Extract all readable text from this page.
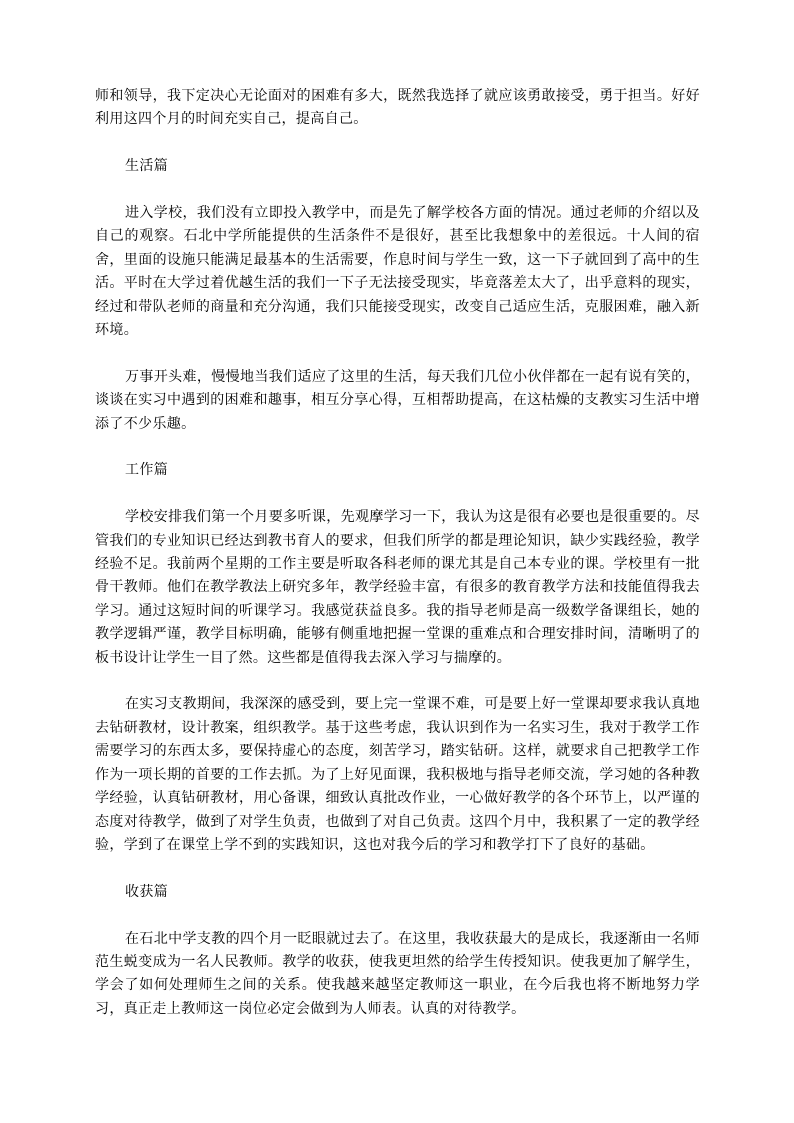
师和领导，我下定决心无论面对的困难有多大，既然我选择了就应该勇敢接受，勇于担当。好好利用这四个月的时间充实自己，提高自己。

生活篇

进入学校，我们没有立即投入教学中，而是先了解学校各方面的情况。通过老师的介绍以及自己的观察。石北中学所能提供的生活条件不是很好，甚至比我想象中的差很远。十人间的宿舍，里面的设施只能满足最基本的生活需要，作息时间与学生一致，这一下子就回到了高中的生活。平时在大学过着优越生活的我们一下子无法接受现实，毕竟落差太大了，出乎意料的现实，经过和带队老师的商量和充分沟通，我们只能接受现实，改变自己适应生活，克服困难，融入新环境。

万事开头难，慢慢地当我们适应了这里的生活，每天我们几位小伙伴都在一起有说有笑的，谈谈在实习中遇到的困难和趣事，相互分享心得，互相帮助提高，在这枯燥的支教实习生活中增添了不少乐趣。

工作篇

学校安排我们第一个月要多听课，先观摩学习一下，我认为这是很有必要也是很重要的。尽管我们的专业知识已经达到教书育人的要求，但我们所学的都是理论知识，缺少实践经验，教学经验不足。我前两个星期的工作主要是听取各科老师的课尤其是自己本专业的课。学校里有一批骨干教师。他们在教学教法上研究多年，教学经验丰富，有很多的教育教学方法和技能值得我去学习。通过这短时间的听课学习。我感觉获益良多。我的指导老师是高一级数学备课组长，她的教学逻辑严谨，教学目标明确，能够有侧重地把握一堂课的重难点和合理安排时间，清晰明了的板书设计让学生一目了然。这些都是值得我去深入学习与揣摩的。

在实习支教期间，我深深的感受到，要上完一堂课不难，可是要上好一堂课却要求我认真地去钻研教材，设计教案，组织教学。基于这些考虑，我认识到作为一名实习生，我对于教学工作需要学习的东西太多，要保持虚心的态度，刻苦学习，踏实钻研。这样，就要求自己把教学工作作为一项长期的首要的工作去抓。为了上好见面课，我积极地与指导老师交流，学习她的各种教学经验，认真钻研教材，用心备课，细致认真批改作业，一心做好教学的各个环节上，以严谨的态度对待教学，做到了对学生负责，也做到了对自己负责。这四个月中，我积累了一定的教学经验，学到了在课堂上学不到的实践知识，这也对我今后的学习和教学打下了良好的基础。

收获篇

在石北中学支教的四个月一眨眼就过去了。在这里，我收获最大的是成长，我逐渐由一名师范生蜕变成为一名人民教师。教学的收获，使我更坦然的给学生传授知识。使我更加了解学生，学会了如何处理师生之间的关系。使我越来越坚定教师这一职业，在今后我也将不断地努力学习，真正走上教师这一岗位必定会做到为人师表。认真的对待教学。
